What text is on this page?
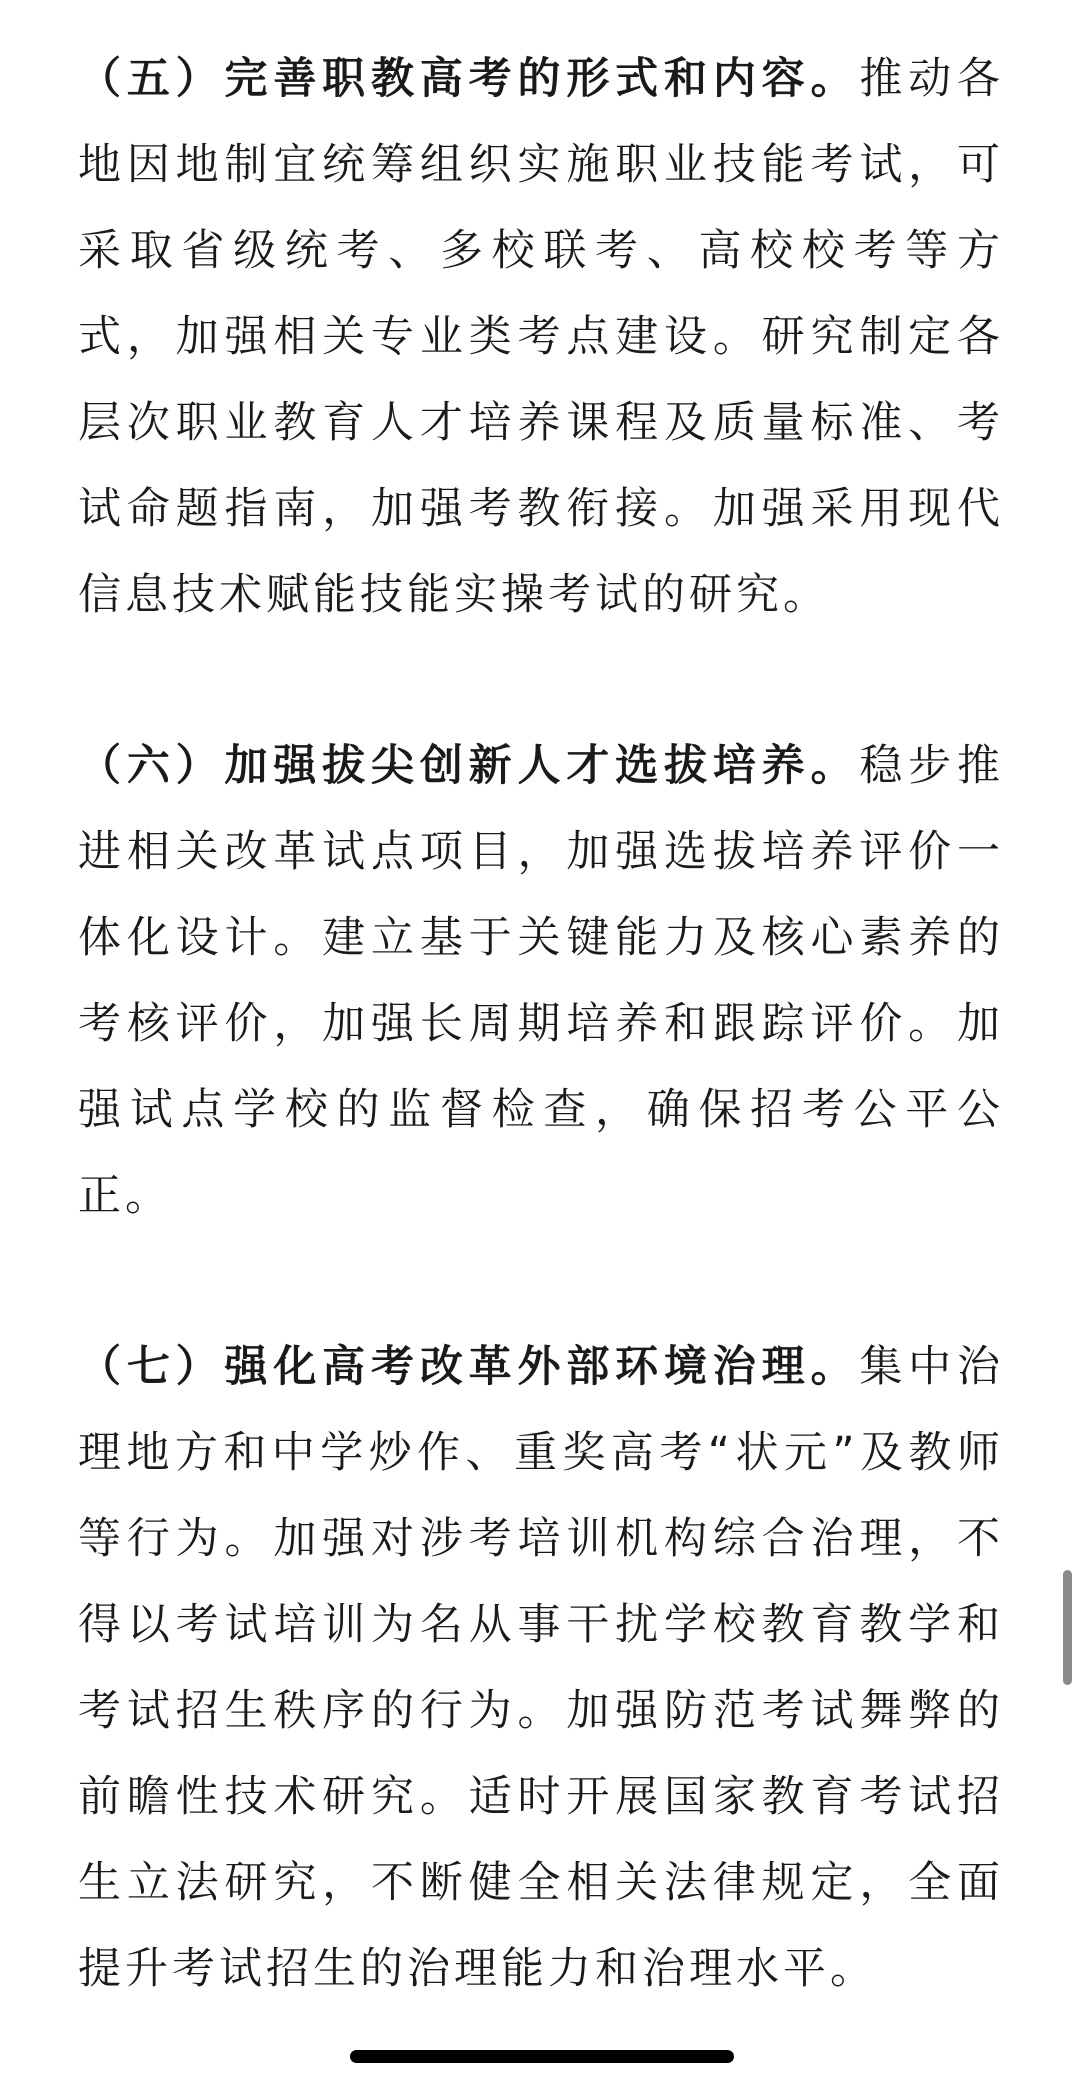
（五）完善职教高考的形式和内容。推动各地因地制宜统筹组织实施职业技能考试，可采取省级统考、多校联考、高校校考等方式，加强相关专业类考点建设。研究制定各层次职业教育人才培养课程及质量标准、考试命题指南，加强考教衔接。加强采用现代信息技术赋能技能实操考试的研究。

（六）加强拔尖创新人才选拔培养。稳步推进相关改革试点项目，加强选拔培养评价一体化设计。建立基于关键能力及核心素养的考核评价，加强长周期培养和跟踪评价。加强试点学校的监督检查，确保招考公平公正。

（七）强化高考改革外部环境治理。集中治理地方和中学炒作、重奖高考“状元”及教师等行为。加强对涉考培训机构综合治理，不得以考试培训为名从事干扰学校教育教学和考试招生秩序的行为。加强防范考试舞弊的前瞻性技术研究。适时开展国家教育考试招生立法研究，不断健全相关法律规定，全面提升考试招生的治理能力和治理水平。
